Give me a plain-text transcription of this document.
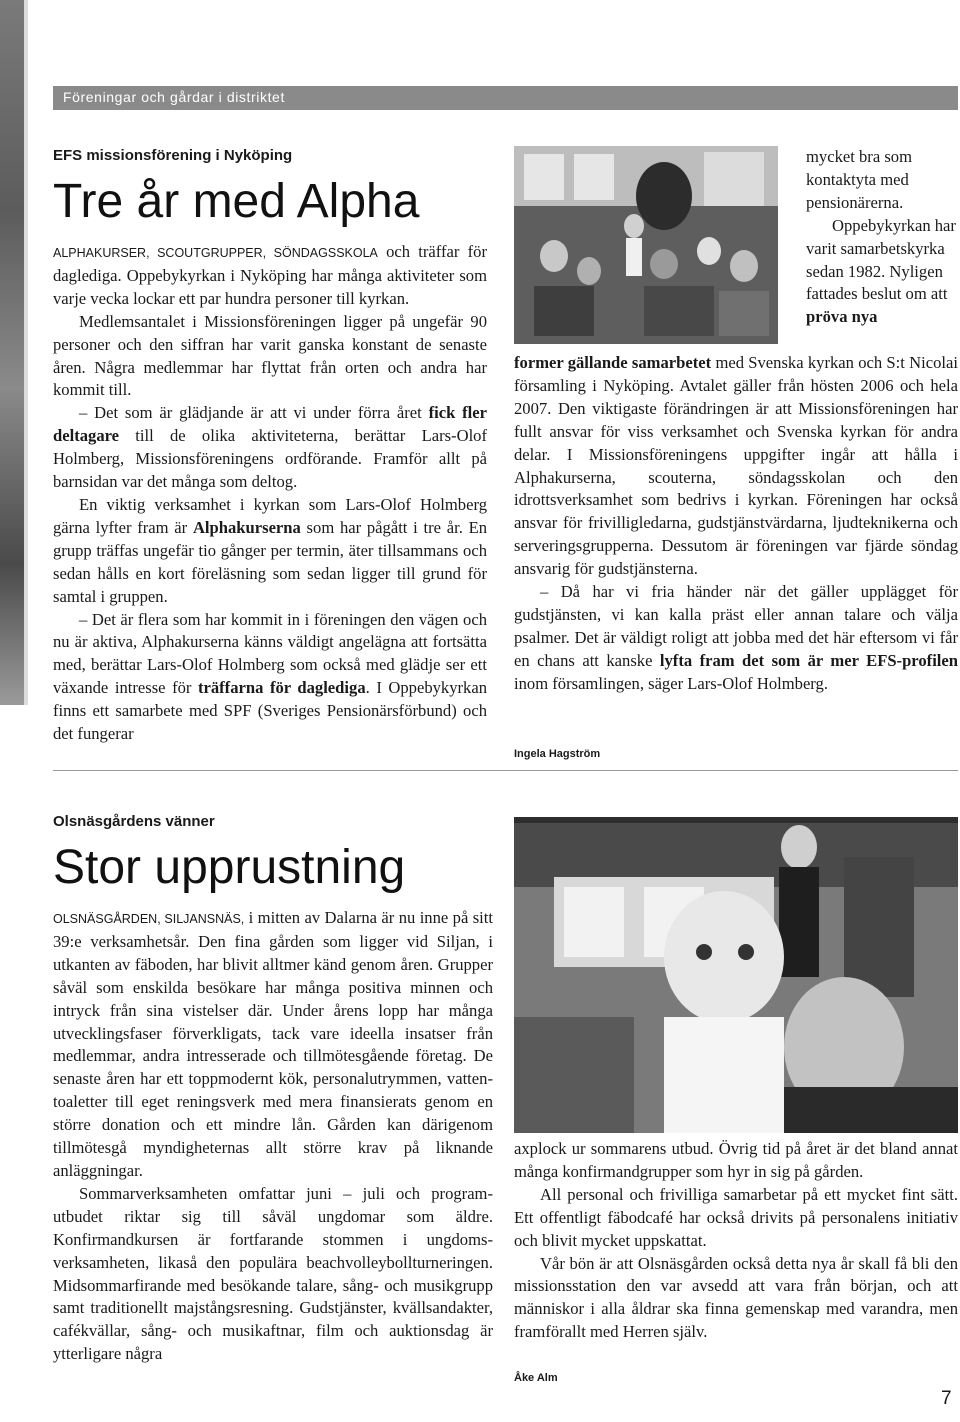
Föreningar och gårdar i distriktet
EFS missionsförening i Nyköping
Tre år med Alpha

ALPHAKURSER, SCOUTGRUPPER, SÖNDAGSSKOLA och träffar för daglediga. Oppebykyrkan i Nyköping har många aktiviteter som varje vecka lockar ett par hundra personer till kyrkan.

Medlemsantalet i Missionsföreningen ligger på ungefär 90 personer och den siffran har varit ganska konstant de senaste åren. Några medlemmar har flyttat från orten och andra har kommit till.

– Det som är glädjande är att vi under förra året fick fler deltagare till de olika aktiviteterna, berättar Lars-Olof Holmberg, Missionsföreningens ordförande. Framför allt på barnsidan var det många som deltog.

En viktig verksamhet i kyrkan som Lars-Olof Holmberg gärna lyfter fram är Alphakurserna som har pågått i tre år. En grupp träffas ungefär tio gånger per termin, äter tillsammans och sedan hålls en kort föreläsning som sedan ligger till grund för samtal i gruppen.

– Det är flera som har kommit in i föreningen den vägen och nu är aktiva, Alphakurserna känns väldigt angelägna att fortsätta med, berättar Lars-Olof Holmberg som också med glädje ser ett växande intresse för träffarna för daglediga. I Oppebykyrkan finns ett samarbete med SPF (Sveriges Pensionärsförbund) och det fungerar

mycket bra som kontaktyta med pensionärerna.

Oppebykyrkan har varit samarbetskyrka sedan 1982. Nyligen fattades beslut om att pröva nya

former gällande samarbetet med Svenska kyrkan och S:t Nicolai församling i Nyköping. Avtalet gäller från hösten 2006 och hela 2007. Den viktigaste förändringen är att Missionsföreningen har fullt ansvar för viss verksamhet och Svenska kyrkan för andra delar. I Missionsföreningens uppgifter ingår att hålla i Alphakurserna, scouterna, söndagsskolan och den idrottsverksamhet som bedrivs i kyrkan. Föreningen har också ansvar för frivilligledarna, gudstjänstvärdarna, ljudteknikerna och serveringsgrupperna. Dessutom är föreningen var fjärde söndag ansvarig för gudstjänsterna.

– Då har vi fria händer när det gäller upplägget för gudstjänsten, vi kan kalla präst eller annan talare och välja psalmer. Det är väldigt roligt att jobba med det här eftersom vi får en chans att kanske lyfta fram det som är mer EFS-profilen inom församlingen, säger Lars-Olof Holmberg.

Ingela Hagström
Olsnäsgårdens vänner
Stor upprustning

OLSNÄSGÅRDEN, SILJANSNÄS, i mitten av Dalarna är nu inne på sitt 39:e verksamhetsår. Den fina gården som ligger vid Siljan, i utkanten av fäboden, har blivit alltmer känd genom åren. Grupper såväl som enskilda besökare har många positiva minnen och intryck från sina vistelser där. Under årens lopp har många utvecklingsfaser förverkligats, tack vare ideella insatser från medlemmar, andra intresserade och tillmötesgående företag. De senaste åren har ett toppmodernt kök, personalutrymmen, vattentoaletter till eget reningsverk med mera finansierats genom en större donation och ett mindre lån. Gården kan därigenom tillmötesgå myndigheternas allt större krav på liknande anläggningar.

Sommarverksamheten omfattar juni – juli och programutbudet riktar sig till såväl ungdomar som äldre. Konfirmandkursen är fortfarande stommen i ungdomsverksamheten, likaså den populära beachvolleybollturneringen. Midsommarfirande med besökande talare, sång- och musikgrupp samt traditionellt majstångsresning. Gudstjänster, kvällsandakter, cafékvällar, sång- och musikaftnar, film och auktionsdag är ytterligare några

axplock ur sommarens utbud. Övrig tid på året är det bland annat många konfirmandgrupper som hyr in sig på gården.

All personal och frivilliga samarbetar på ett mycket fint sätt. Ett offentligt fäbodcafé har också drivits på personalens initiativ och blivit mycket uppskattat.

Vår bön är att Olsnäsgården också detta nya år skall få bli den missionsstation den var avsedd att vara från början, och att människor i alla åldrar ska finna gemenskap med varandra, men framförallt med Herren själv.

Åke Alm
7
